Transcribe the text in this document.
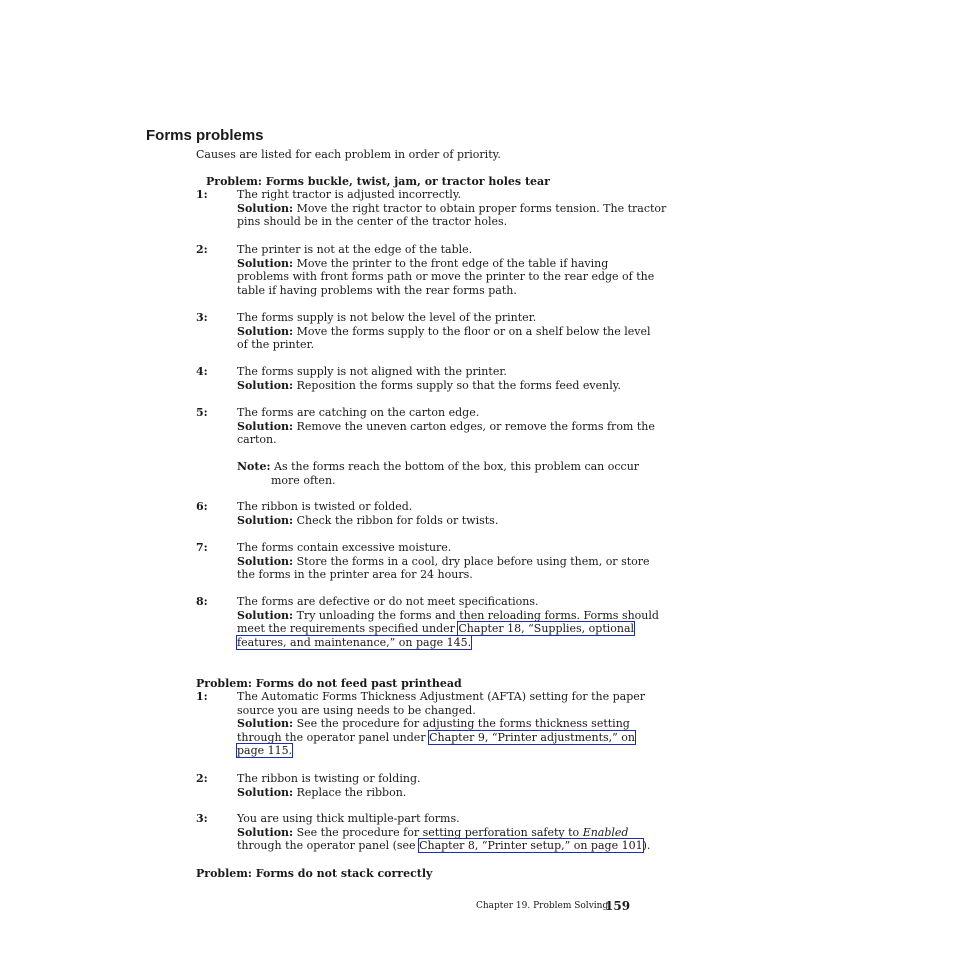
Forms problems
Causes are listed for each problem in order of priority.
Problem: Forms buckle, twist, jam, or tractor holes tear
1:	The right tractor is adjusted incorrectly.
Solution: Move the right tractor to obtain proper forms tension. The tractor
pins should be in the center of the tractor holes.
2:	The printer is not at the edge of the table.
Solution: Move the printer to the front edge of the table if having
problems with front forms path or move the printer to the rear edge of the
table if having problems with the rear forms path.
3:	The forms supply is not below the level of the printer.
Solution: Move the forms supply to the floor or on a shelf below the level
of the printer.
4:	The forms supply is not aligned with the printer.
Solution: Reposition the forms supply so that the forms feed evenly.
5:	The forms are catching on the carton edge.
Solution: Remove the uneven carton edges, or remove the forms from the
carton.
Note: As the forms reach the bottom of the box, this problem can occur
more often.
6:	The ribbon is twisted or folded.
Solution: Check the ribbon for folds or twists.
7:	The forms contain excessive moisture.
Solution: Store the forms in a cool, dry place before using them, or store
the forms in the printer area for 24 hours.
8:	The forms are defective or do not meet specifications.
Solution: Try unloading the forms and then reloading forms. Forms should
meet the requirements specified under Chapter 18, “Supplies, optional
features, and maintenance,” on page 145.
Problem: Forms do not feed past printhead
1:	The Automatic Forms Thickness Adjustment (AFTA) setting for the paper
source you are using needs to be changed.
Solution: See the procedure for adjusting the forms thickness setting
through the operator panel under Chapter 9, “Printer adjustments,” on
page 115.
2:	The ribbon is twisting or folding.
Solution: Replace the ribbon.
3:	You are using thick multiple-part forms.
Solution: See the procedure for setting perforation safety to Enabled
through the operator panel (see Chapter 8, “Printer setup,” on page 101).
Problem: Forms do not stack correctly
Chapter 19. Problem Solving
159
